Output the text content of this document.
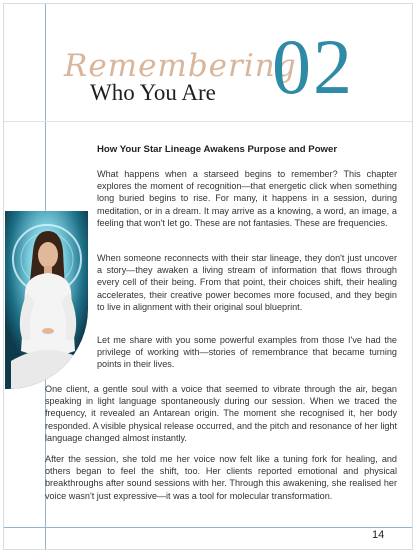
Remembering
Who You Are 02
How Your Star Lineage Awakens Purpose and Power

What happens when a starseed begins to remember? This chapter explores the moment of recognition—that energetic click when something long buried begins to rise. For many, it happens in a session, during meditation, or in a dream. It may arrive as a knowing, a word, an image, a feeling that won't let go. These are not fantasies. These are frequencies.

When someone reconnects with their star lineage, they don't just uncover a story—they awaken a living stream of information that flows through every cell of their being. From that point, their choices shift, their healing accelerates, their creative power becomes more focused, and they begin to live in alignment with their original soul blueprint.

Let me share with you some powerful examples from those I've had the privilege of working with—stories of remembrance that became turning points in their lives.

One client, a gentle soul with a voice that seemed to vibrate through the air, began speaking in light language spontaneously during our session. When we traced the frequency, it revealed an Antarean origin. The moment she recognised it, her body responded. A visible physical release occurred, and the pitch and resonance of her light language changed almost instantly.

After the session, she told me her voice now felt like a tuning fork for healing, and others began to feel the shift, too. Her clients reported emotional and physical breakthroughs after sound sessions with her. Through this awakening, she realised her voice wasn't just expressive—it was a tool for molecular transformation.

14
